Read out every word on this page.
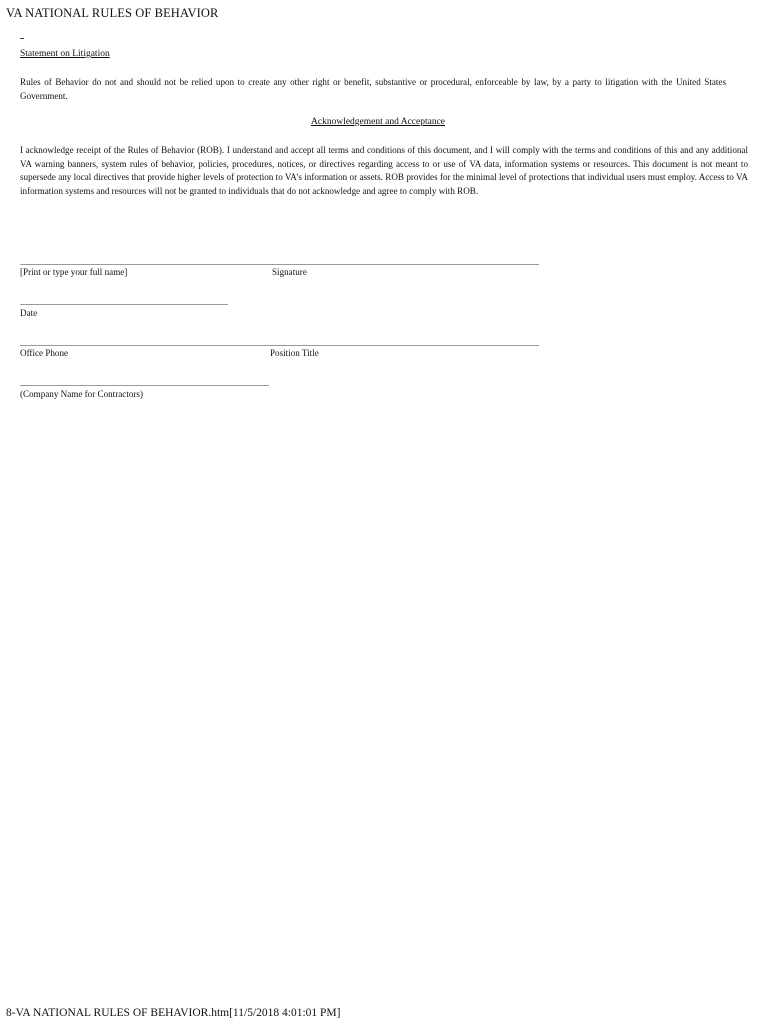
VA NATIONAL RULES OF BEHAVIOR
Statement on Litigation
Rules of Behavior do not and should not be relied upon to create any other right or benefit, substantive or procedural, enforceable by law, by a party to litigation with the United States Government.
Acknowledgement and Acceptance
I acknowledge receipt of the Rules of Behavior (ROB). I understand and accept all terms and conditions of this document, and I will comply with the terms and conditions of this and any additional VA warning banners, system rules of behavior, policies, procedures, notices, or directives regarding access to or use of VA data, information systems or resources. This document is not meant to supersede any local directives that provide higher levels of protection to VA’s information or assets. ROB provides for the minimal level of protections that individual users must employ. Access to VA information systems and resources will not be granted to individuals that do not acknowledge and agree to comply with ROB.
[Print or type your full name]	Signature
Date
Office Phone	Position Title
(Company Name for Contractors)
8-VA NATIONAL RULES OF BEHAVIOR.htm[11/5/2018 4:01:01 PM]
